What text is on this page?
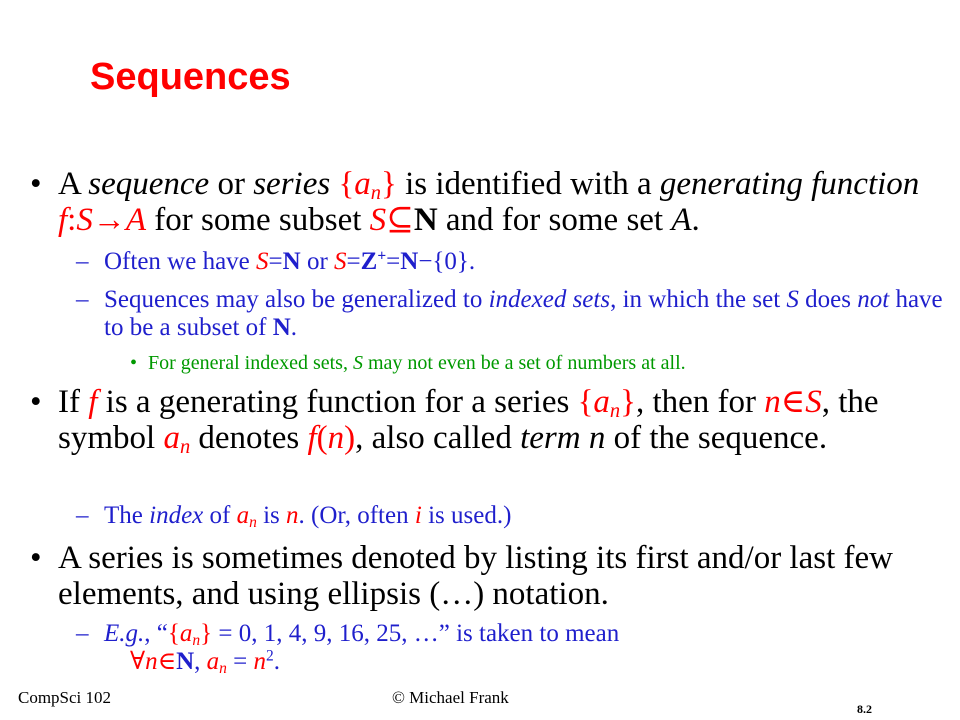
Sequences
• A sequence or series $\{a_n\}$ is identified with a generating function f:S→A for some subset S⊆N and for some set A.
– Often we have S=N or S=Z+=N−{0}.
– Sequences may also be generalized to indexed sets, in which the set S does not have to be a subset of N.
• For general indexed sets, S may not even be a set of numbers at all.
• If f is a generating function for a series $\{a_n\}$, then for n∈S, the symbol $a_n$ denotes f(n), also called term n of the sequence.
– The index of $a_n$ is n. (Or, often i is used.)
• A series is sometimes denoted by listing its first and/or last few elements, and using ellipsis (…) notation.
– E.g., “$\{a_n\} = 0$, 1, 4, 9, 16, 25, …” is taken to mean
∀n∈N, $a_n = n^2$.
CompSci 102	© Michael Frank
8.2
